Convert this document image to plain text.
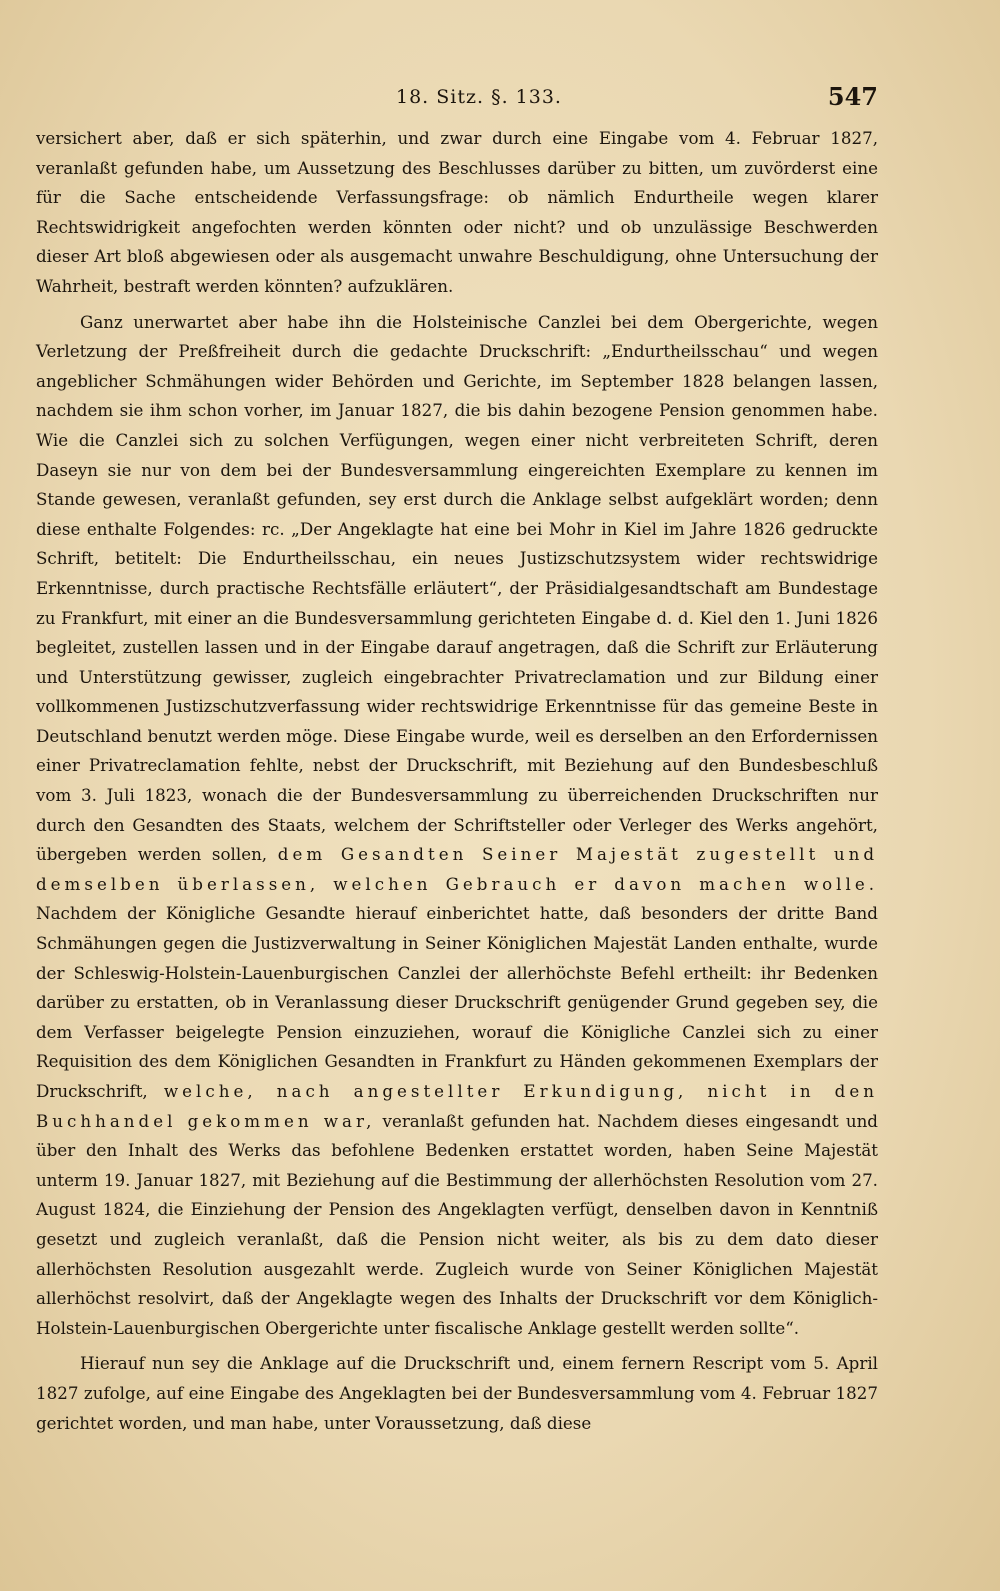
18. Sitz. §. 133.	547

versichert aber, daß er sich späterhin, und zwar durch eine Eingabe vom 4. Februar 1827, veranlaßt gefunden habe, um Aussetzung des Beschlusses darüber zu bitten, um zuvörderst eine für die Sache entscheidende Verfassungsfrage: ob nämlich Endurtheile wegen klarer Rechtswidrigkeit angefochten werden könnten oder nicht? und ob unzulässige Beschwerden dieser Art bloß abgewiesen oder als ausgemacht unwahre Beschuldigung, ohne Untersuchung der Wahrheit, bestraft werden könnten? aufzuklären.

Ganz unerwartet aber habe ihn die Holsteinische Canzlei bei dem Obergerichte, wegen Verletzung der Preßfreiheit durch die gedachte Druckschrift: „Endurtheilsschau“ und wegen angeblicher Schmähungen wider Behörden und Gerichte, im September 1828 belangen lassen, nachdem sie ihm schon vorher, im Januar 1827, die bis dahin bezogene Pension genommen habe. Wie die Canzlei sich zu solchen Verfügungen, wegen einer nicht verbreiteten Schrift, deren Daseyn sie nur von dem bei der Bundesversammlung eingereichten Exemplare zu kennen im Stande gewesen, veranlaßt gefunden, sey erst durch die Anklage selbst aufgeklärt worden; denn diese enthalte Folgendes: rc. „Der Angeklagte hat eine bei Mohr in Kiel im Jahre 1826 gedruckte Schrift, betitelt: Die Endurtheilsschau, ein neues Justizschutzsystem wider rechtswidrige Erkenntnisse, durch practische Rechtsfälle erläutert“, der Präsidialgesandtschaft am Bundestage zu Frankfurt, mit einer an die Bundesversammlung gerichteten Eingabe d. d. Kiel den 1. Juni 1826 begleitet, zustellen lassen und in der Eingabe darauf angetragen, daß die Schrift zur Erläuterung und Unterstützung gewisser, zugleich eingebrachter Privatreclamation und zur Bildung einer vollkommenen Justizschutzverfassung wider rechtswidrige Erkenntnisse für das gemeine Beste in Deutschland benutzt werden möge. Diese Eingabe wurde, weil es derselben an den Erfordernissen einer Privatreclamation fehlte, nebst der Druckschrift, mit Beziehung auf den Bundesbeschluß vom 3. Juli 1823, wonach die der Bundesversammlung zu überreichenden Druckschriften nur durch den Gesandten des Staats, welchem der Schriftsteller oder Verleger des Werks angehört, übergeben werden sollen, dem Gesandten Seiner Majestät zugestellt und demselben überlassen, welchen Gebrauch er davon machen wolle. Nachdem der Königliche Gesandte hierauf einberichtet hatte, daß besonders der dritte Band Schmähungen gegen die Justizverwaltung in Seiner Königlichen Majestät Landen enthalte, wurde der Schleswig-Holstein-Lauenburgischen Canzlei der allerhöchste Befehl ertheilt: ihr Bedenken darüber zu erstatten, ob in Veranlassung dieser Druckschrift genügender Grund gegeben sey, die dem Verfasser beigelegte Pension einzuziehen, worauf die Königliche Canzlei sich zu einer Requisition des dem Königlichen Gesandten in Frankfurt zu Händen gekommenen Exemplars der Druckschrift, welche, nach angestellter Erkundigung, nicht in den Buchhandel gekommen war, veranlaßt gefunden hat. Nachdem dieses eingesandt und über den Inhalt des Werks das befohlene Bedenken erstattet worden, haben Seine Majestät unterm 19. Januar 1827, mit Beziehung auf die Bestimmung der allerhöchsten Resolution vom 27. August 1824, die Einziehung der Pension des Angeklagten verfügt, denselben davon in Kenntniß gesetzt und zugleich veranlaßt, daß die Pension nicht weiter, als bis zu dem dato dieser allerhöchsten Resolution ausgezahlt werde. Zugleich wurde von Seiner Königlichen Majestät allerhöchst resolvirt, daß der Angeklagte wegen des Inhalts der Druckschrift vor dem Königlich-Holstein-Lauenburgischen Obergerichte unter fiscalische Anklage gestellt werden sollte“.

Hierauf nun sey die Anklage auf die Druckschrift und, einem fernern Rescript vom 5. April 1827 zufolge, auf eine Eingabe des Angeklagten bei der Bundesversammlung vom 4. Februar 1827 gerichtet worden, und man habe, unter Voraussetzung, daß diese
